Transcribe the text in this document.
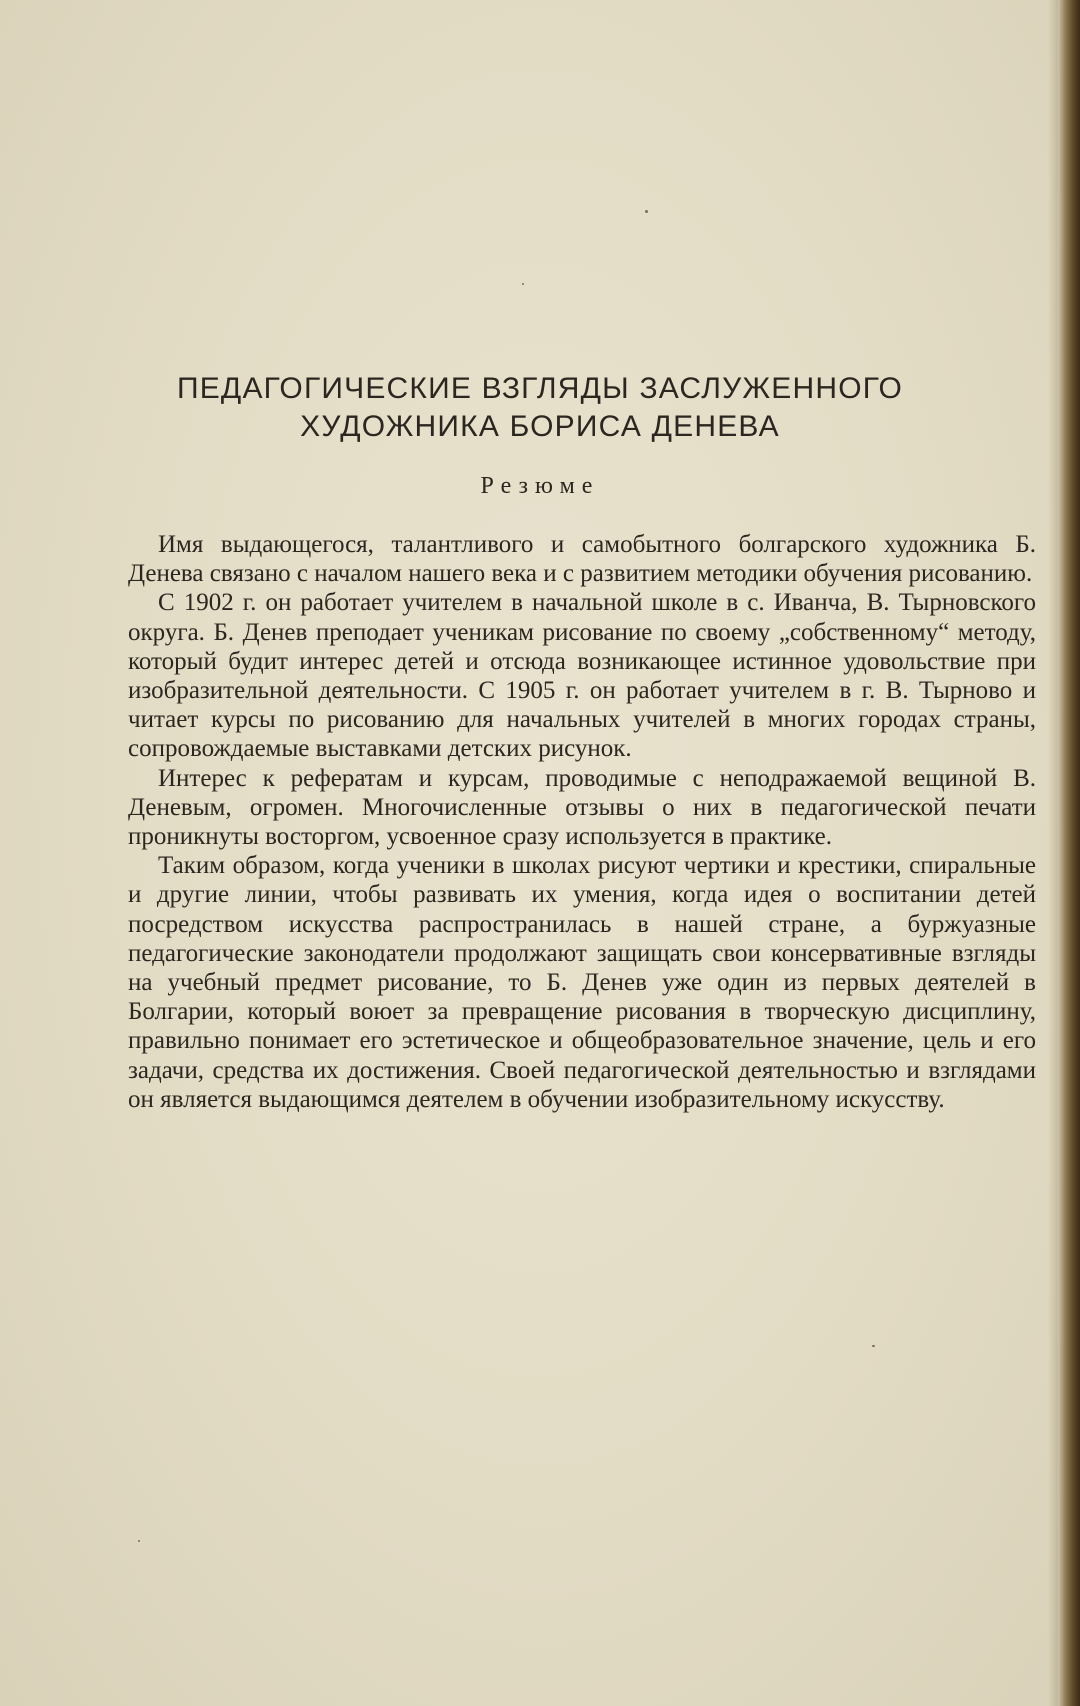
ПЕДАГОГИЧЕСКИЕ ВЗГЛЯДЫ ЗАСЛУЖЕННОГО
ХУДОЖНИКА БОРИСА ДЕНЕВА
Резюме

Имя выдающегося, талантливого и самобытного болгарского художника Б. Денева связано с началом нашего века и с развитием методики обучения рисованию.

С 1902 г. он работает учителем в начальной школе в с. Иванча, В. Тырновского округа. Б. Денев преподает ученикам рисование по своему „собственному“ методу, который будит интерес детей и отсюда возникающее истинное удовольствие при изобразительной деятельности. С 1905 г. он работает учителем в г. В. Тырново и читает курсы по рисованию для начальных учителей в многих городах страны, сопровождаемые выставками детских рисунок.

Интерес к рефератам и курсам, проводимые с неподражаемой вещиной В. Деневым, огромен. Многочисленные отзывы о них в педагогической печати проникнуты восторгом, усвоенное сразу используется в практике.

Таким образом, когда ученики в школах рисуют чертики и крестики, спиральные и другие линии, чтобы развивать их умения, когда идея о воспитании детей посредством искусства распространилась в нашей стране, а буржуазные педагогические законодатели продолжают защищать свои консервативные взгляды на учебный предмет рисование, то Б. Денев уже один из первых деятелей в Болгарии, который воюет за превращение рисования в творческую дисциплину, правильно понимает его эстетическое и общеобразовательное значение, цель и его задачи, средства их достижения. Своей педагогической деятельностью и взглядами он является выдающимся деятелем в обучении изобразительному искусству.
